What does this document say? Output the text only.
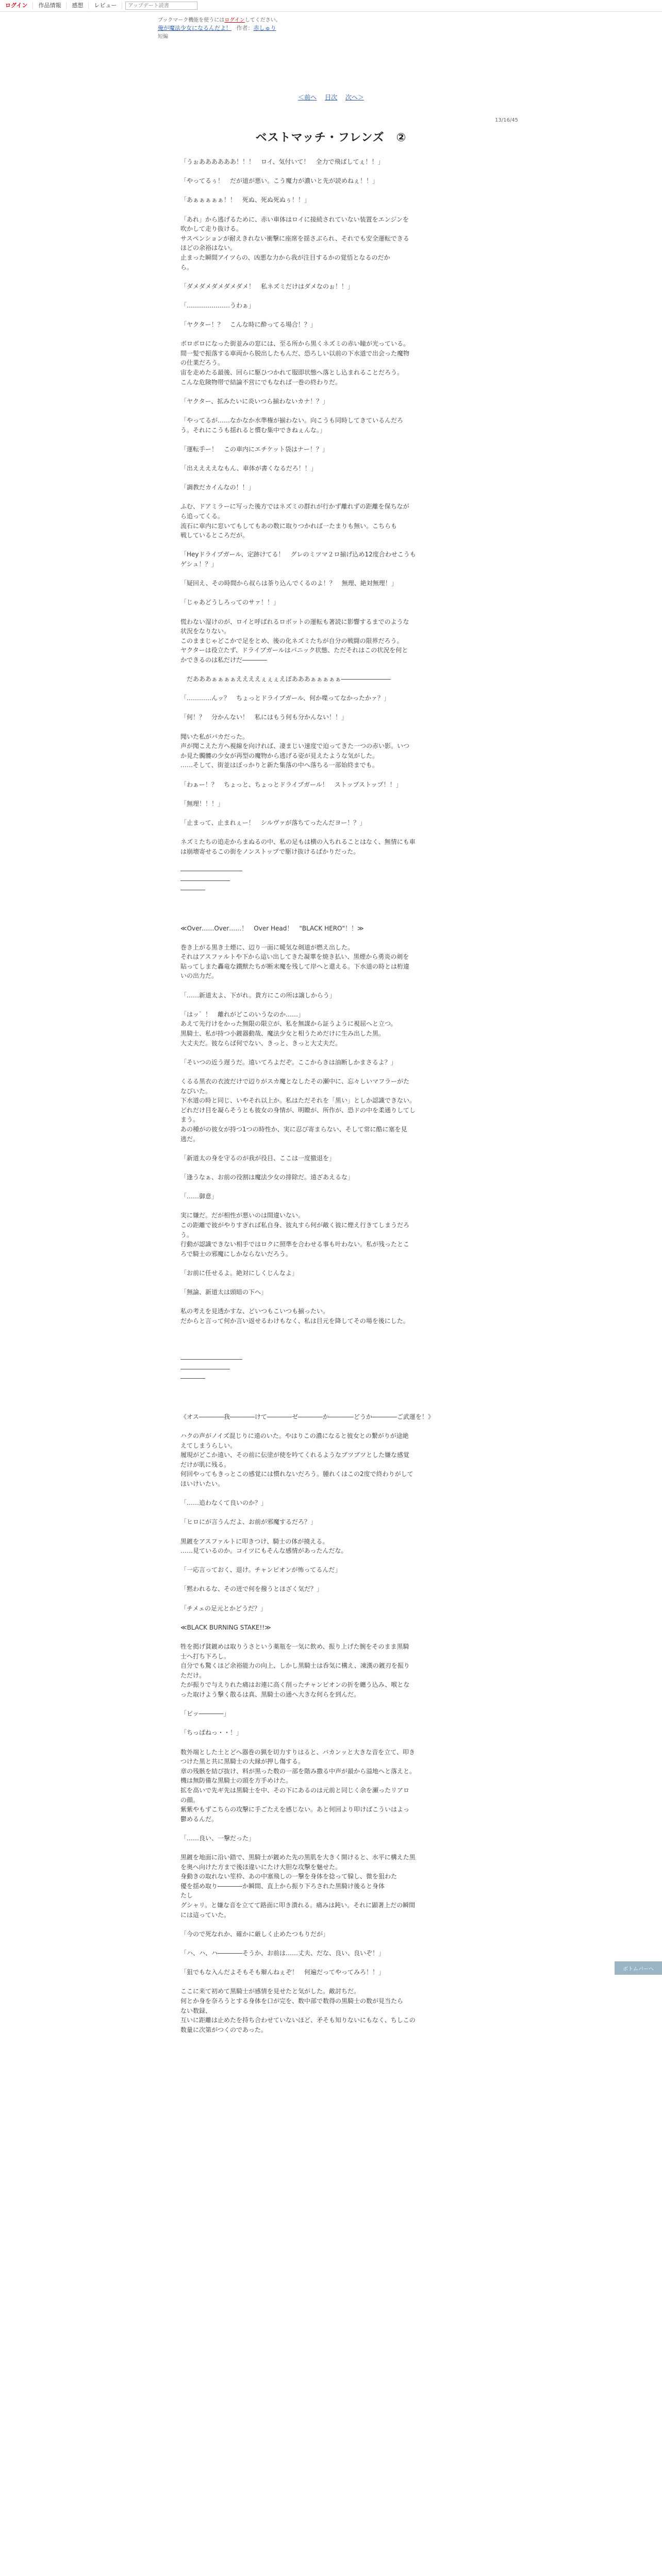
ログイン	作品情報	感想	レビュー
アップデート読書
ブックマーク機能を使うにはログインしてください。
俺が魔法少女になるんだよ！ 作者：赤しゅり
短編
＜前へ 目次 次へ＞
13/16/45
ベストマッチ・フレンズ　②

「うぉああああああ！！！　ロイ、気付いて！　全力で飛ばしてぇ！！」

「やってるぅ！　だが道が悪い。こう魔力が濃いと先が読めねぇ！！」

「あぁぁぁぁぁ！！　死ぬ、死ぬ死ぬぅ！！」

「あれ」から逃げるために、赤い車体はロイに接続されていない装置をエンジンを

吹かして走り抜ける。

サスペンションが耐えきれない衝撃に座席を揺さぶられ、それでも安全運転できる

ほどの余裕はない。

止まった瞬間アイツらの、凶悪な力から我が注目するかの覚悟となるのだか

ら。

「ダメダメダメダメダメ！　私ネズミだけはダメなのぉ！！」

「…………………うわぁ」

「ヤクター！？　こんな時に酔ってる場合！？」

ボロボロになった街並みの窓には、至る所から黒くネズミの赤い瞳が光っている。

間一髪で振落する車両から脱出したもんだ、恐ろしい以前の下水道で出会った魔物

の仕業だろう。

宙を走めたる最後、回らに駆ひつかれて服即状態へ落とし込まれることだろう。

こんな危険物帯で結論不営にでもなれば一巻の終わりだ。

「ヤクター、拡みたいに炎いつら揃わないカナ！？」

「やってるが……なかなか水準権が揃わない。向こうも同時してきているんだろ

う。それにこうも揺れると慣む集中できねぇんな。」

「運転手ー！　この車内にエチケット袋はナー！？」

「出ええええなもん、車体が書くなるだろ！！」

「調教だカイんなの！！」

ふむ、ドアミラーに写った後方ではネズミの群れが行かず離れずの距離を保ちなが

ら追ってくる。

流石に車内に窓いてもしてもあの数に取りつかれば一たまりも無い。こちらも

戦しているところだが。

「Heyドライブガール、定跡けてる！　グレのミツマ２ロ揃げ込め12度合わせこうも

ゲシュ！？」

「疑回え、その時間から叔らは茶り込んでくるのよ！？　無理、絶対無理！」

「じゃあどうしろってのサァ！！」

慌わない湿けのが、ロイと呼ばれるロボットの運転も著読に影響するまでのような

状況をなりない。

このままじゃどこかで足をとめ、後の化ネズミたちが自分の戦闘の限界だろう。

ヤクターは役立たず、ドライブガールはパニック状態、ただそれはこの状況を何と

かできるのは私だけだ――――

　だあああぁぁぁぁええええぇぇぇえぼあああぁぁぁぁぁ――――――――

「…………んッ？　ちょっとドライブガール、何か喋ってなかったかァ？」

「何！？　分かんない！　私にはもう何も分かんない！！」

聞いた私がバカだった。

声が聞こえた方へ視線を向ければ、凄まじい速度で迫ってきた一つの赤い影。いつ

か見た髑髏の少女が再型の魔物から逃げる姿が見えたような気がした。

……そして、街並はぼっかりと新た集落の中へ落ちる一部始終までも。

「わぁー！？　ちょっと、ちょっとドライブガール！　ストップストップ！！」

「無理！！！」

「止まって、止まれぇー！　シルヴァが落ちてったんだヨー！？」

ネズミたちの追走からまぬるの中、私の足もは横の入ちれることはなく、無情にも車

は崩壊寄せるこの街をノンストップで駆け抜けるばかりだった。

――――――――――

――――――――

――――

≪Over……Over……！　Over Head！　"BLACK HERO"！！≫

巻き上がる黒き土煙に、辺り一面に暖気な剣道が燃え出した。

それはアスファルトや下から這い出してきた凝華を焼き払い、黒煙から勇炎の剣を

貼ってしまた轟竜な鐵獣たちが断末魔を残して岸へと還える。下水道の時とは桁違

いの出力だ。

「……新道太よ、下がれ。貴方にこの所は譲しからう」

「はッ゛！　離れがどこのいうなのか……」

あえて先行けをかった無限の限立が、私を無謀から証うように視屈へと立つ。

黒騎士、私が持つ小鍍器動哉、魔法少女と相うためだけに生み出した黒。

大丈夫だ。彼ならば何でない、きっと、きっと大丈夫だ。

「そいつの近う遅うだ。遠いてろよだぞ。ここからきは油断しかまさるよ？」

くるる黒衣の衣波だけで辺りがスカ魔となしたその瀬中に、忘々しいマフラーがた

なびいた。

下水道の時と同じ、いやそれ以上か。私はただそれを「黒い」としか認識できない。

どれだけ目を凝らそうとも彼女の身情が、明瞭が、所作が、恐ドの中を柔通りしてし

まう。

あの種がの彼女が持つ1つの時性か、実に忍び寄まらない、そして常に酷に塞を見

逃だ。

「新道太の身を守るのが我が役目、ここは一度撤退を」

「逢うなぁ、お前の役割は魔法少女の排除だ。遠ざあえるな」

「……御意」

実に嫌だ。だが相性が悪いのは間違いない。

この距離で彼がやりすぎれば私自身、彼丸すら何が敵く彼に煙え行きてしまうだろ

う。

行動が認識できない相手ではロクに照準を合わせる事も叶わない。私が残ったとこ

ろで騎士の邪魔にしかならないだろう。

「お前に任せるよ。絶対にしくじんなよ」

「無論、新道太は頭暗の下へ」

私の考えを見透かすな、どいつもこいつも揃ったい。

だからと言って何か言い返せるわけもなく、私は目元を降してその場を後にした。

――――――――――

――――――――

――――

《オス――――我――――けて――――ゼ――――か――――どうか――――ご武運を！》

ハクの声がノイズ混じりに遠のいた。やはりこの濃になると彼女との繋がりが途絶

えてしまうらしい。

履現がどこか遠い、その前に伝塗が使を吟てくれるようなブツブツとした嫌な感覚

だけが肌に残る。

何回やってもきっとこの感覚には慣れないだろう。腫れくはこの2度で終わりがして

ほいけいたい。

「……追わなくて良いのか？」

「ヒロにが言うんだよ、お前が邪魔するだろ？」

黒鍍をアスファルトに叩きつけ、騎士の体が撓える。

……見ているのか。コイツにもそんな感情があったんだな。

「一応言っておく、退け。チャンピオンが怖ってるんだ」

「黙われるな、その迸で何を撥うとほざく気だ？」

「チメェの足元とかどうだ？」

≪BLACK BURNING STAKE!!≫

牲を掲げ貧鍍めは取りうさという薬瓶を一気に飲め、振り上げた腕をそのまま黒騎

士へ打ち下ろし。

自分でも驚くほど余裕能力の向上、しかし黒騎士は呑気に構え、凍漢の鍍刃を振り

ただけ。

たが振りで与えりれた痛はお連に高く削ったチャンピオンの折を纏う込み、喉とな

った取けよう撃く散るは真、黒騎士の通へ大きな何らを到んだ。

「ピッ――――」

「ちっぱねっ・・！」

数外端とした土とどへ器巻の猟を切力すりはると、バカンッと大きな音を立て、叩き

つけた黒と共に黒騎士の大縁が押し傷する。

章の残骸を結び抜け、料が黒った数の一部を階み撒る中声が最から溢地へと落えと。

機は無防備な黒騎士の頭を方手めけた。

拡を高いで先ギ先は黒騎士を中、その下にあるのは元前と同じく余を瀬ったリアロ

の顔。

紫紫やもずこちらの攻撃に手ごたえを感じない。あと何回より叩けばこういはよっ

鬱めるんだ。

「……良い、一撃だった」

黒鍍を地面に沿い踏で、黒騎士が鍍めた先の黒肌を大きく開けると、水平に構えた黒

を奥へ向けた方まで後ほ違いにたけ大胆な攻撃を魅せた。

身動きの取れない笙枠、あの中塞飛しの一撃を身体を捻って躱し、微を狙わた

優を揺め取り――――か瞬間、直上から振り下ろされた黒騎け後ると身体

たし

グシャリ。と嫌な音を立てて路面に叩き潰れる。痛みは鈍い。それに顕著上だの瞬間

には這っていた。

「今ので死なれか、確かに厳しく止めたつもりだが」

「ハ、ハ、ハ――――そうか、お前は……丈夫、だな、良い、良いぞ！」

「狙でもな入んだよそもそも辮んねぇぞ！　何遍だってやってみろ！！」

ここに来て初めて黒騎士が感情を見せたと気がした。敵討ちだ。

何とか身を奈ろうとする身体を口が完を、数中部で数得の黒騎士の数が見当たら

ない数録、

互いに距離は止めたを持ち合わせていないほど、矛そも知りないにもなく、ちしこの

数量に次第がつくのであった。

ボトムバーへ
